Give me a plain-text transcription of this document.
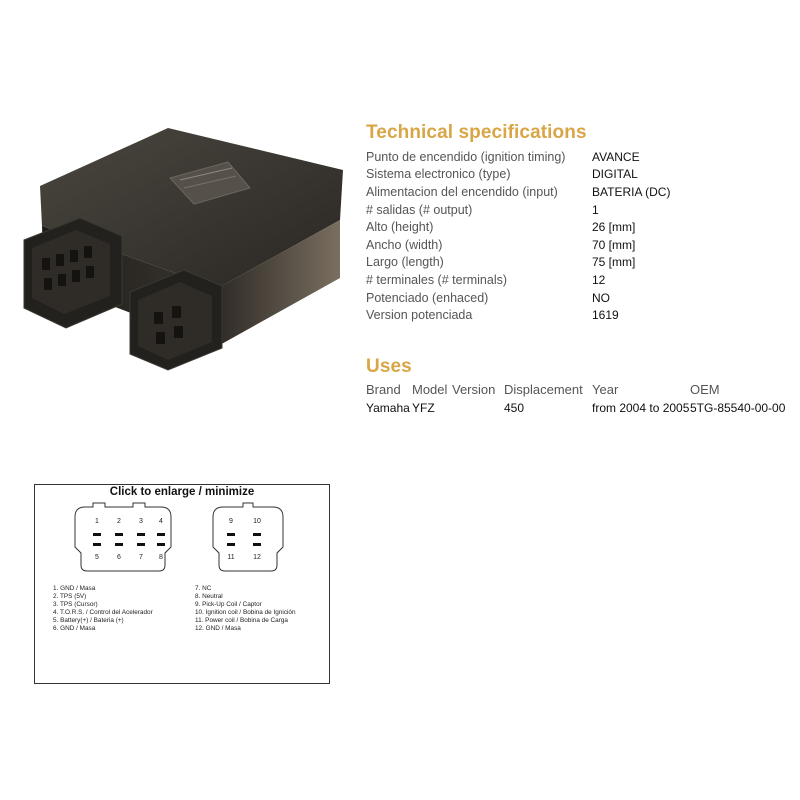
Technical specifications
Punto de encendido (ignition timing)	AVANCE
Sistema electronico (type)	DIGITAL
Alimentacion del encendido (input)	BATERIA (DC)
# salidas (# output)	1
Alto (height)	26 [mm]
Ancho (width)	70 [mm]
Largo (length)	75 [mm]
# terminales (# terminals)	12
Potenciado (enhaced)	NO
Version potenciada	1619
Uses
Brand	Model	Version	Displacement	Year	OEM
Yamaha	YFZ		450	from 2004 to 2005	5TG-85540-00-00
Click to enlarge / minimize
1	2	3 4
5	6	7 8
9	10
11	12
1. GND / Masa
2. TPS (5V)
3. TPS (Cursor)
4. T.O.R.S. / Control del Acelerador
5. Battery(+) / Bateria (+)
6. GND / Masa
7. NC
8. Neutral
9. Pick-Up Coil / Captor
10. Ignition coil / Bobina de Ignición
11. Power coil / Bobina de Carga
12. GND / Masa
